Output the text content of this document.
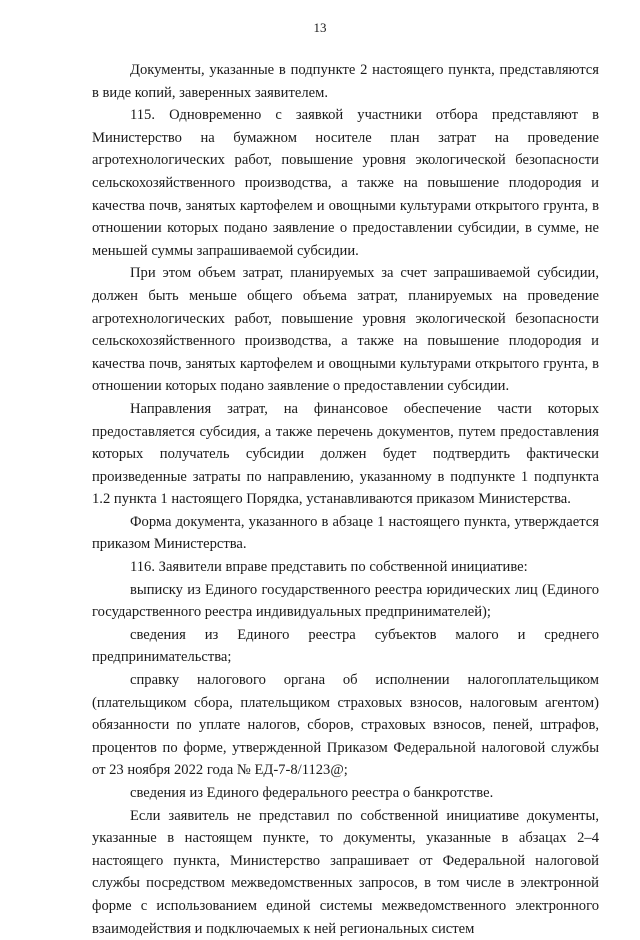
13

Документы, указанные в подпункте 2 настоящего пункта, представляются в виде копий, заверенных заявителем.

115. Одновременно с заявкой участники отбора представляют в Министерство на бумажном носителе план затрат на проведение агротехнологических работ, повышение уровня экологической безопасности сельскохозяйственного производства, а также на повышение плодородия и качества почв, занятых картофелем и овощными культурами открытого грунта, в отношении которых подано заявление о предоставлении субсидии, в сумме, не меньшей суммы запрашиваемой субсидии.

При этом объем затрат, планируемых за счет запрашиваемой субсидии, должен быть меньше общего объема затрат, планируемых на проведение агротехнологических работ, повышение уровня экологической безопасности сельскохозяйственного производства, а также на повышение плодородия и качества почв, занятых картофелем и овощными культурами открытого грунта, в отношении которых подано заявление о предоставлении субсидии.

Направления затрат, на финансовое обеспечение части которых предоставляется субсидия, а также перечень документов, путем предоставления которых получатель субсидии должен будет подтвердить фактически произведенные затраты по направлению, указанному в подпункте 1 подпункта 1.2 пункта 1 настоящего Порядка, устанавливаются приказом Министерства.

Форма документа, указанного в абзаце 1 настоящего пункта, утверждается приказом Министерства.

116. Заявители вправе представить по собственной инициативе:

выписку из Единого государственного реестра юридических лиц (Единого государственного реестра индивидуальных предпринимателей);

сведения из Единого реестра субъектов малого и среднего предпринимательства;

справку налогового органа об исполнении налогоплательщиком (плательщиком сбора, плательщиком страховых взносов, налоговым агентом) обязанности по уплате налогов, сборов, страховых взносов, пеней, штрафов, процентов по форме, утвержденной Приказом Федеральной налоговой службы от 23 ноября 2022 года № ЕД-7-8/1123@;

сведения из Единого федерального реестра о банкротстве.

Если заявитель не представил по собственной инициативе документы, указанные в настоящем пункте, то документы, указанные в абзацах 2–4 настоящего пункта, Министерство запрашивает от Федеральной налоговой службы посредством межведомственных запросов, в том числе в электронной форме с использованием единой системы межведомственного электронного взаимодействия и подключаемых к ней региональных систем
